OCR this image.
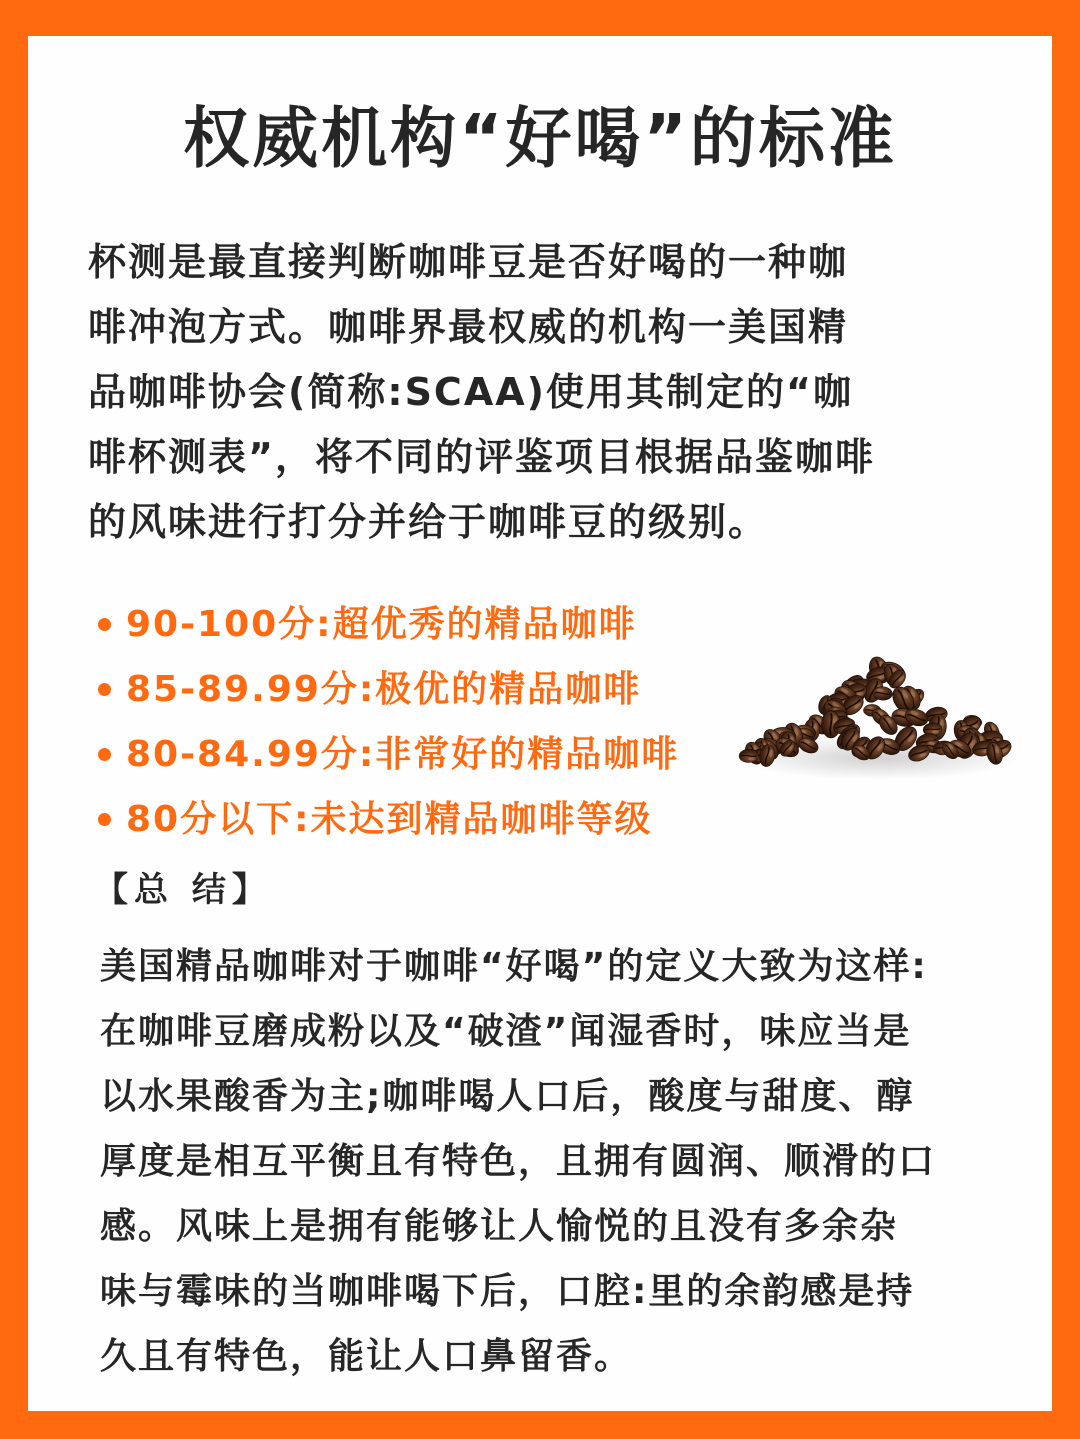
权威机构“好喝”的标准
杯测是最直接判断咖啡豆是否好喝的一种咖
啡冲泡方式。咖啡界最权威的机构一美国精
品咖啡协会(简称:SCAA)使用其制定的“咖
啡杯测表”，将不同的评鉴项目根据品鉴咖啡
的风味进行打分并给于咖啡豆的级别。
90-100分:超优秀的精品咖啡
85-89.99分:极优的精品咖啡
80-84.99分:非常好的精品咖啡
80分以下:未达到精品咖啡等级
【总 结】
美国精品咖啡对于咖啡“好喝”的定义大致为这样:
在咖啡豆磨成粉以及“破渣”闻湿香时，味应当是
以水果酸香为主;咖啡喝人口后，酸度与甜度、醇
厚度是相互平衡且有特色，且拥有圆润、顺滑的口
感。风味上是拥有能够让人愉悦的且没有多余杂
味与霉味的当咖啡喝下后，口腔:里的余韵感是持
久且有特色，能让人口鼻留香。
